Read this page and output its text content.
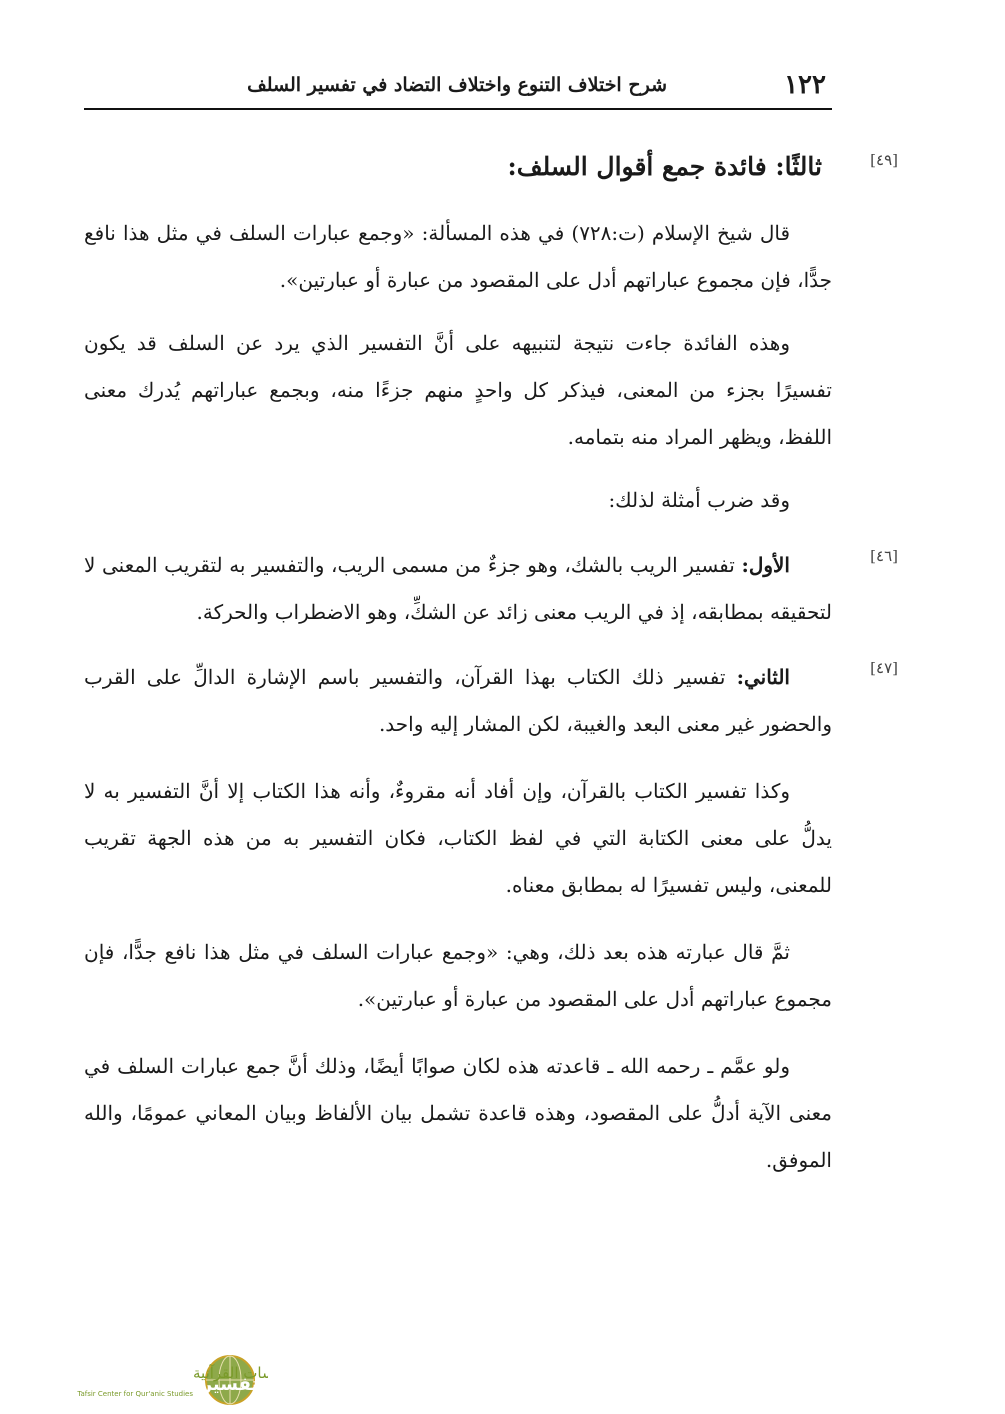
١٢٢
شرح اختلاف التنوع واختلاف التضاد في تفسير السلف
[٤٩]
ثالثًا: فائدة جمع أقوال السلف:

قال شيخ الإسلام (ت:٧٢٨) في هذه المسألة: «وجمع عبارات السلف في مثل هذا نافع جدًّا، فإن مجموع عباراتهم أدل على المقصود من عبارة أو عبارتين».

وهذه الفائدة جاءت نتيجة لتنبيهه على أنَّ التفسير الذي يرد عن السلف قد يكون تفسيرًا بجزء من المعنى، فيذكر كل واحدٍ منهم جزءًا منه، وبجمع عباراتهم يُدرك معنى اللفظ، ويظهر المراد منه بتمامه.

وقد ضرب أمثلة لذلك:

[٤٦]
الأول: تفسير الريب بالشك، وهو جزءٌ من مسمى الريب، والتفسير به لتقريب المعنى لا لتحقيقه بمطابقه، إذ في الريب معنى زائد عن الشكِّ، وهو الاضطراب والحركة.

[٤٧]
الثاني: تفسير ذلك الكتاب بهذا القرآن، والتفسير باسم الإشارة الدالِّ على القرب والحضور غير معنى البعد والغيبة، لكن المشار إليه واحد.

وكذا تفسير الكتاب بالقرآن، وإن أفاد أنه مقروءٌ، وأنه هذا الكتاب إلا أنَّ التفسير به لا يدلُّ على معنى الكتابة التي في لفظ الكتاب، فكان التفسير به من هذه الجهة تقريب للمعنى، وليس تفسيرًا له بمطابق معناه.

ثمَّ قال عبارته هذه بعد ذلك، وهي: «وجمع عبارات السلف في مثل هذا نافع جدًّا، فإن مجموع عباراتهم أدل على المقصود من عبارة أو عبارتين».

ولو عمَّم ـ رحمه الله ـ قاعدته هذه لكان صوابًا أيضًا، وذلك أنَّ جمع عبارات السلف في معنى الآية أدلُّ على المقصود، وهذه قاعدة تشمل بيان الألفاظ وبيان المعاني عمومًا، والله الموفق.

تفسير
ات القرآنية
Tafsir Center for Qur'anic Studies
